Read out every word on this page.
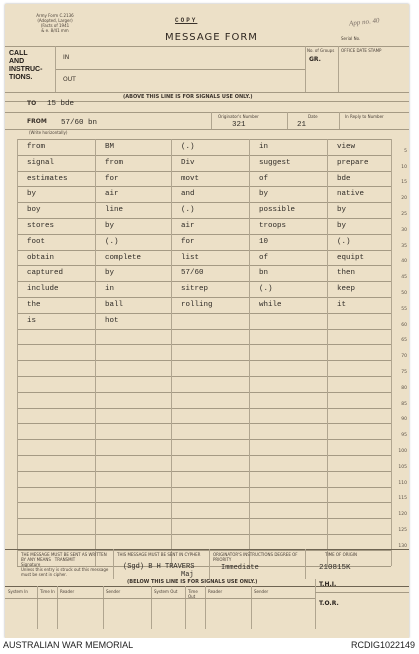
Army Form C.2136
(Adopted, Larger)
(Facts of 1941
& e. 8/41 mm
COPY
MESSAGE FORM
App no. 40
Serial No.
CALL
AND
INSTRUC-
TIONS.
IN
OUT
No. of Groups
GR.
OFFICE DATE STAMP
(ABOVE THIS LINE IS FOR SIGNALS USE ONLY.)
TO 15 bde
Originator's Number	Date	In Reply to Number
FROM 57/60 bn	321	21
(Write horizontally)
from	BM	(.)	in	view
signal	from	Div	suggest	prepare
estimates	for	movt	of	bde
by	air	and	by	native
boy	line	(.)	possible	by
stores	by	air	troops	by
foot	(.)	for	10	(.)
obtain	complete	list	of	equipt
captured	by	57/60	bn	then
include	in	sitrep	(.)	keep
the	ball	rolling	while	it
is	hot
5
10
15
20
25
30
35
40
45
50
55
60
65
70
75
80
85
90
95
100
105
110
115
120
125
130
THE MESSAGE MUST BE SENT AS WRITTEN
BY ANY MEANS TRANSMIT
Signature
Unless this entry is struck out this message must be sent in cipher.
THIS MESSAGE MUST BE SENT IN CYPHER
(Sgd) B H TRAVERS
Maj
ORIGINATOR'S INSTRUCTIONS DEGREE OF PRIORITY
Immediate
TIME OF ORIGIN
210815K
(BELOW THIS LINE IS FOR SIGNALS USE ONLY.)
System In	Time In	Reader	Sender	System Out	Time Out
Reader	Sender
T.H.I.
T.O.R.
AUSTRALIAN WAR MEMORIAL	RCDIG1022149
